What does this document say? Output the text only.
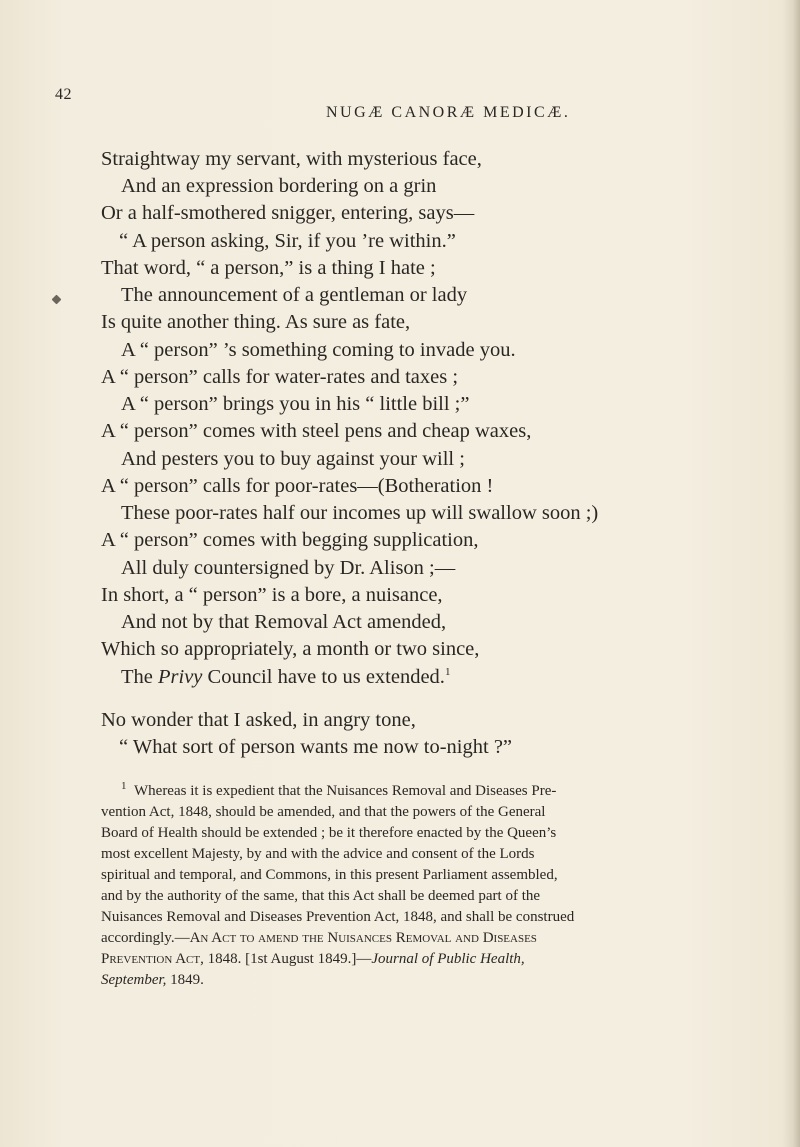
42
NUGÆ CANORÆ MEDICÆ.
Straightway my servant, with mysterious face,
And an expression bordering on a grin
Or a half-smothered snigger, entering, says—
“ A person asking, Sir, if you ’re within.”
That word, “ a person,” is a thing I hate ;
The announcement of a gentleman or lady
Is quite another thing. As sure as fate,
A “ person” ’s something coming to invade you.
A “ person” calls for water-rates and taxes ;
A “ person” brings you in his “ little bill ;”
A “ person” comes with steel pens and cheap waxes,
And pesters you to buy against your will ;
A “ person” calls for poor-rates—(Botheration !
These poor-rates half our incomes up will swallow soon ;)
A “ person” comes with begging supplication,
All duly countersigned by Dr. Alison ;—
In short, a “ person” is a bore, a nuisance,
And not by that Removal Act amended,
Which so appropriately, a month or two since,
The Privy Council have to us extended.$^1$
No wonder that I asked, in angry tone,
“ What sort of person wants me now to-night ?”
$^1$ Whereas it is expedient that the Nuisances Removal and Diseases Pre-
vention Act, 1848, should be amended, and that the powers of the General
Board of Health should be extended ; be it therefore enacted by the Queen’s
most excellent Majesty, by and with the advice and consent of the Lords
spiritual and temporal, and Commons, in this present Parliament assembled,
and by the authority of the same, that this Act shall be deemed part of the
Nuisances Removal and Diseases Prevention Act, 1848, and shall be construed
accordingly.—An Act to amend the Nuisances Removal and Diseases
Prevention Act, 1848. [1st August 1849.]—Journal of Public Health,
September, 1849.
